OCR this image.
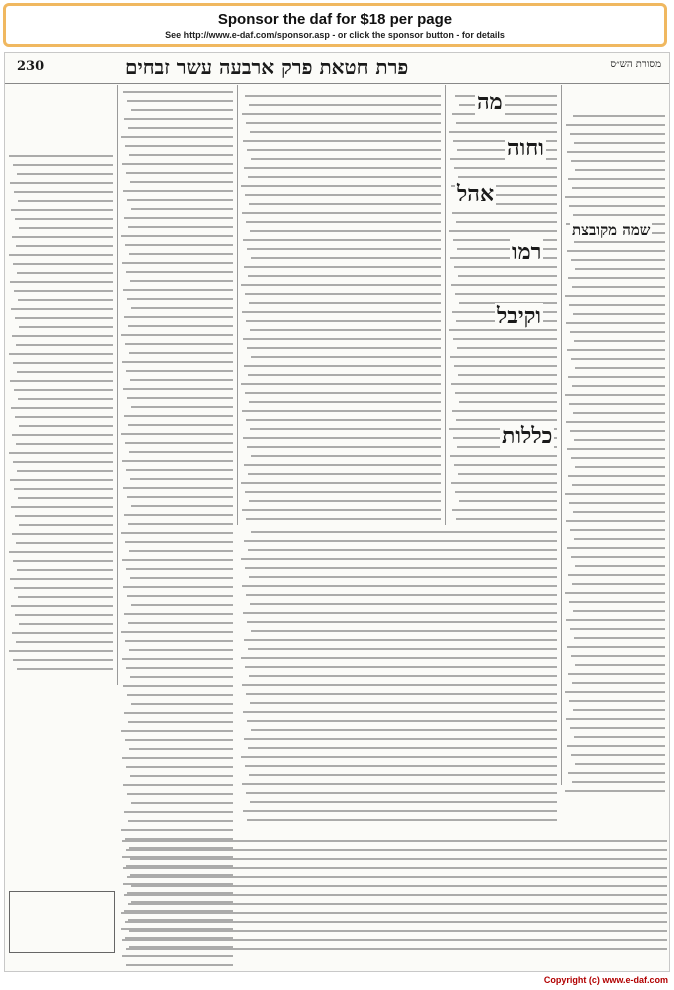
Sponsor the daf for $18 per page
See http://www.e-daf.com/sponsor.asp - or click the sponsor button - for details
230	פרת חטאת פרק ארבעה עשר זבחים	מסורת הש״ס
מה
וחוה
רמו
וקיבל
כללות
שמה מקובצת
אהל
Copyright (c) www.e-daf.com
